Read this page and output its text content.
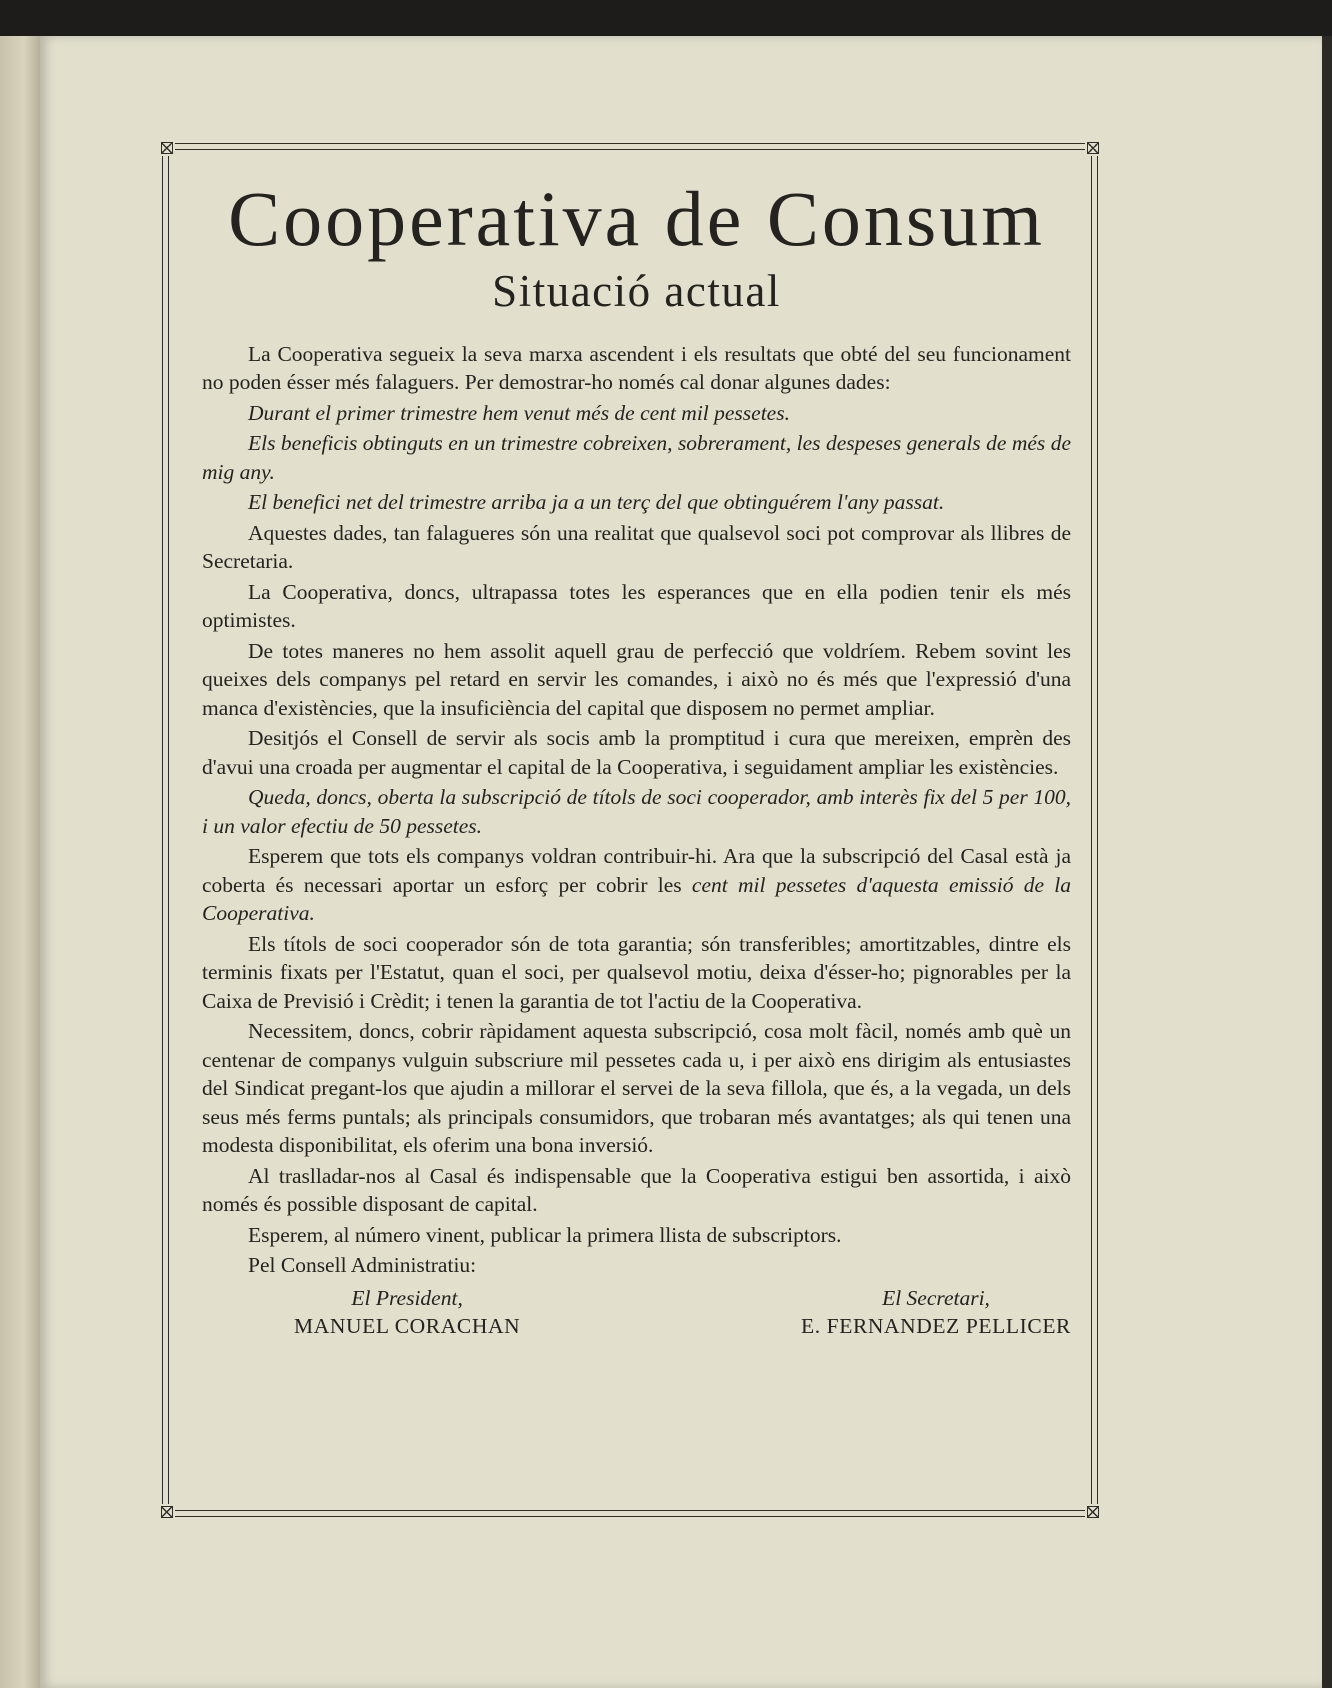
Cooperativa de Consum
Situació actual

La Cooperativa segueix la seva marxa ascendent i els resultats que obté del seu funcionament no poden ésser més falaguers. Per demostrar-ho només cal donar algunes dades:

Durant el primer trimestre hem venut més de cent mil pessetes.

Els beneficis obtinguts en un trimestre cobreixen, sobrerament, les despeses generals de més de mig any.

El benefici net del trimestre arriba ja a un terç del que obtinguérem l'any passat.

Aquestes dades, tan falagueres són una realitat que qualsevol soci pot comprovar als llibres de Secretaria.

La Cooperativa, doncs, ultrapassa totes les esperances que en ella podien tenir els més optimistes.

De totes maneres no hem assolit aquell grau de perfecció que voldríem. Rebem sovint les queixes dels companys pel retard en servir les comandes, i això no és més que l'expressió d'una manca d'existències, que la insuficiència del capital que disposem no permet ampliar.

Desitjós el Consell de servir als socis amb la promptitud i cura que mereixen, emprèn des d'avui una croada per augmentar el capital de la Cooperativa, i seguidament ampliar les existències.

Queda, doncs, oberta la subscripció de títols de soci cooperador, amb interès fix del 5 per 100, i un valor efectiu de 50 pessetes.

Esperem que tots els companys voldran contribuir-hi. Ara que la subscripció del Casal està ja coberta és necessari aportar un esforç per cobrir les cent mil pessetes d'aquesta emissió de la Cooperativa.

Els títols de soci cooperador són de tota garantia; són transferibles; amortitzables, dintre els terminis fixats per l'Estatut, quan el soci, per qualsevol motiu, deixa d'ésser-ho; pignorables per la Caixa de Previsió i Crèdit; i tenen la garantia de tot l'actiu de la Cooperativa.

Necessitem, doncs, cobrir ràpidament aquesta subscripció, cosa molt fàcil, només amb què un centenar de companys vulguin subscriure mil pessetes cada u, i per això ens dirigim als entusiastes del Sindicat pregant-los que ajudin a millorar el servei de la seva fillola, que és, a la vegada, un dels seus més ferms puntals; als principals consumidors, que trobaran més avantatges; als qui tenen una modesta disponibilitat, els oferim una bona inversió.

Al traslladar-nos al Casal és indispensable que la Cooperativa estigui ben assortida, i això només és possible disposant de capital.

Esperem, al número vinent, publicar la primera llista de subscriptors.

Pel Consell Administratiu:

El President,
MANUEL CORACHAN
El Secretari,
E. FERNANDEZ PELLICER
